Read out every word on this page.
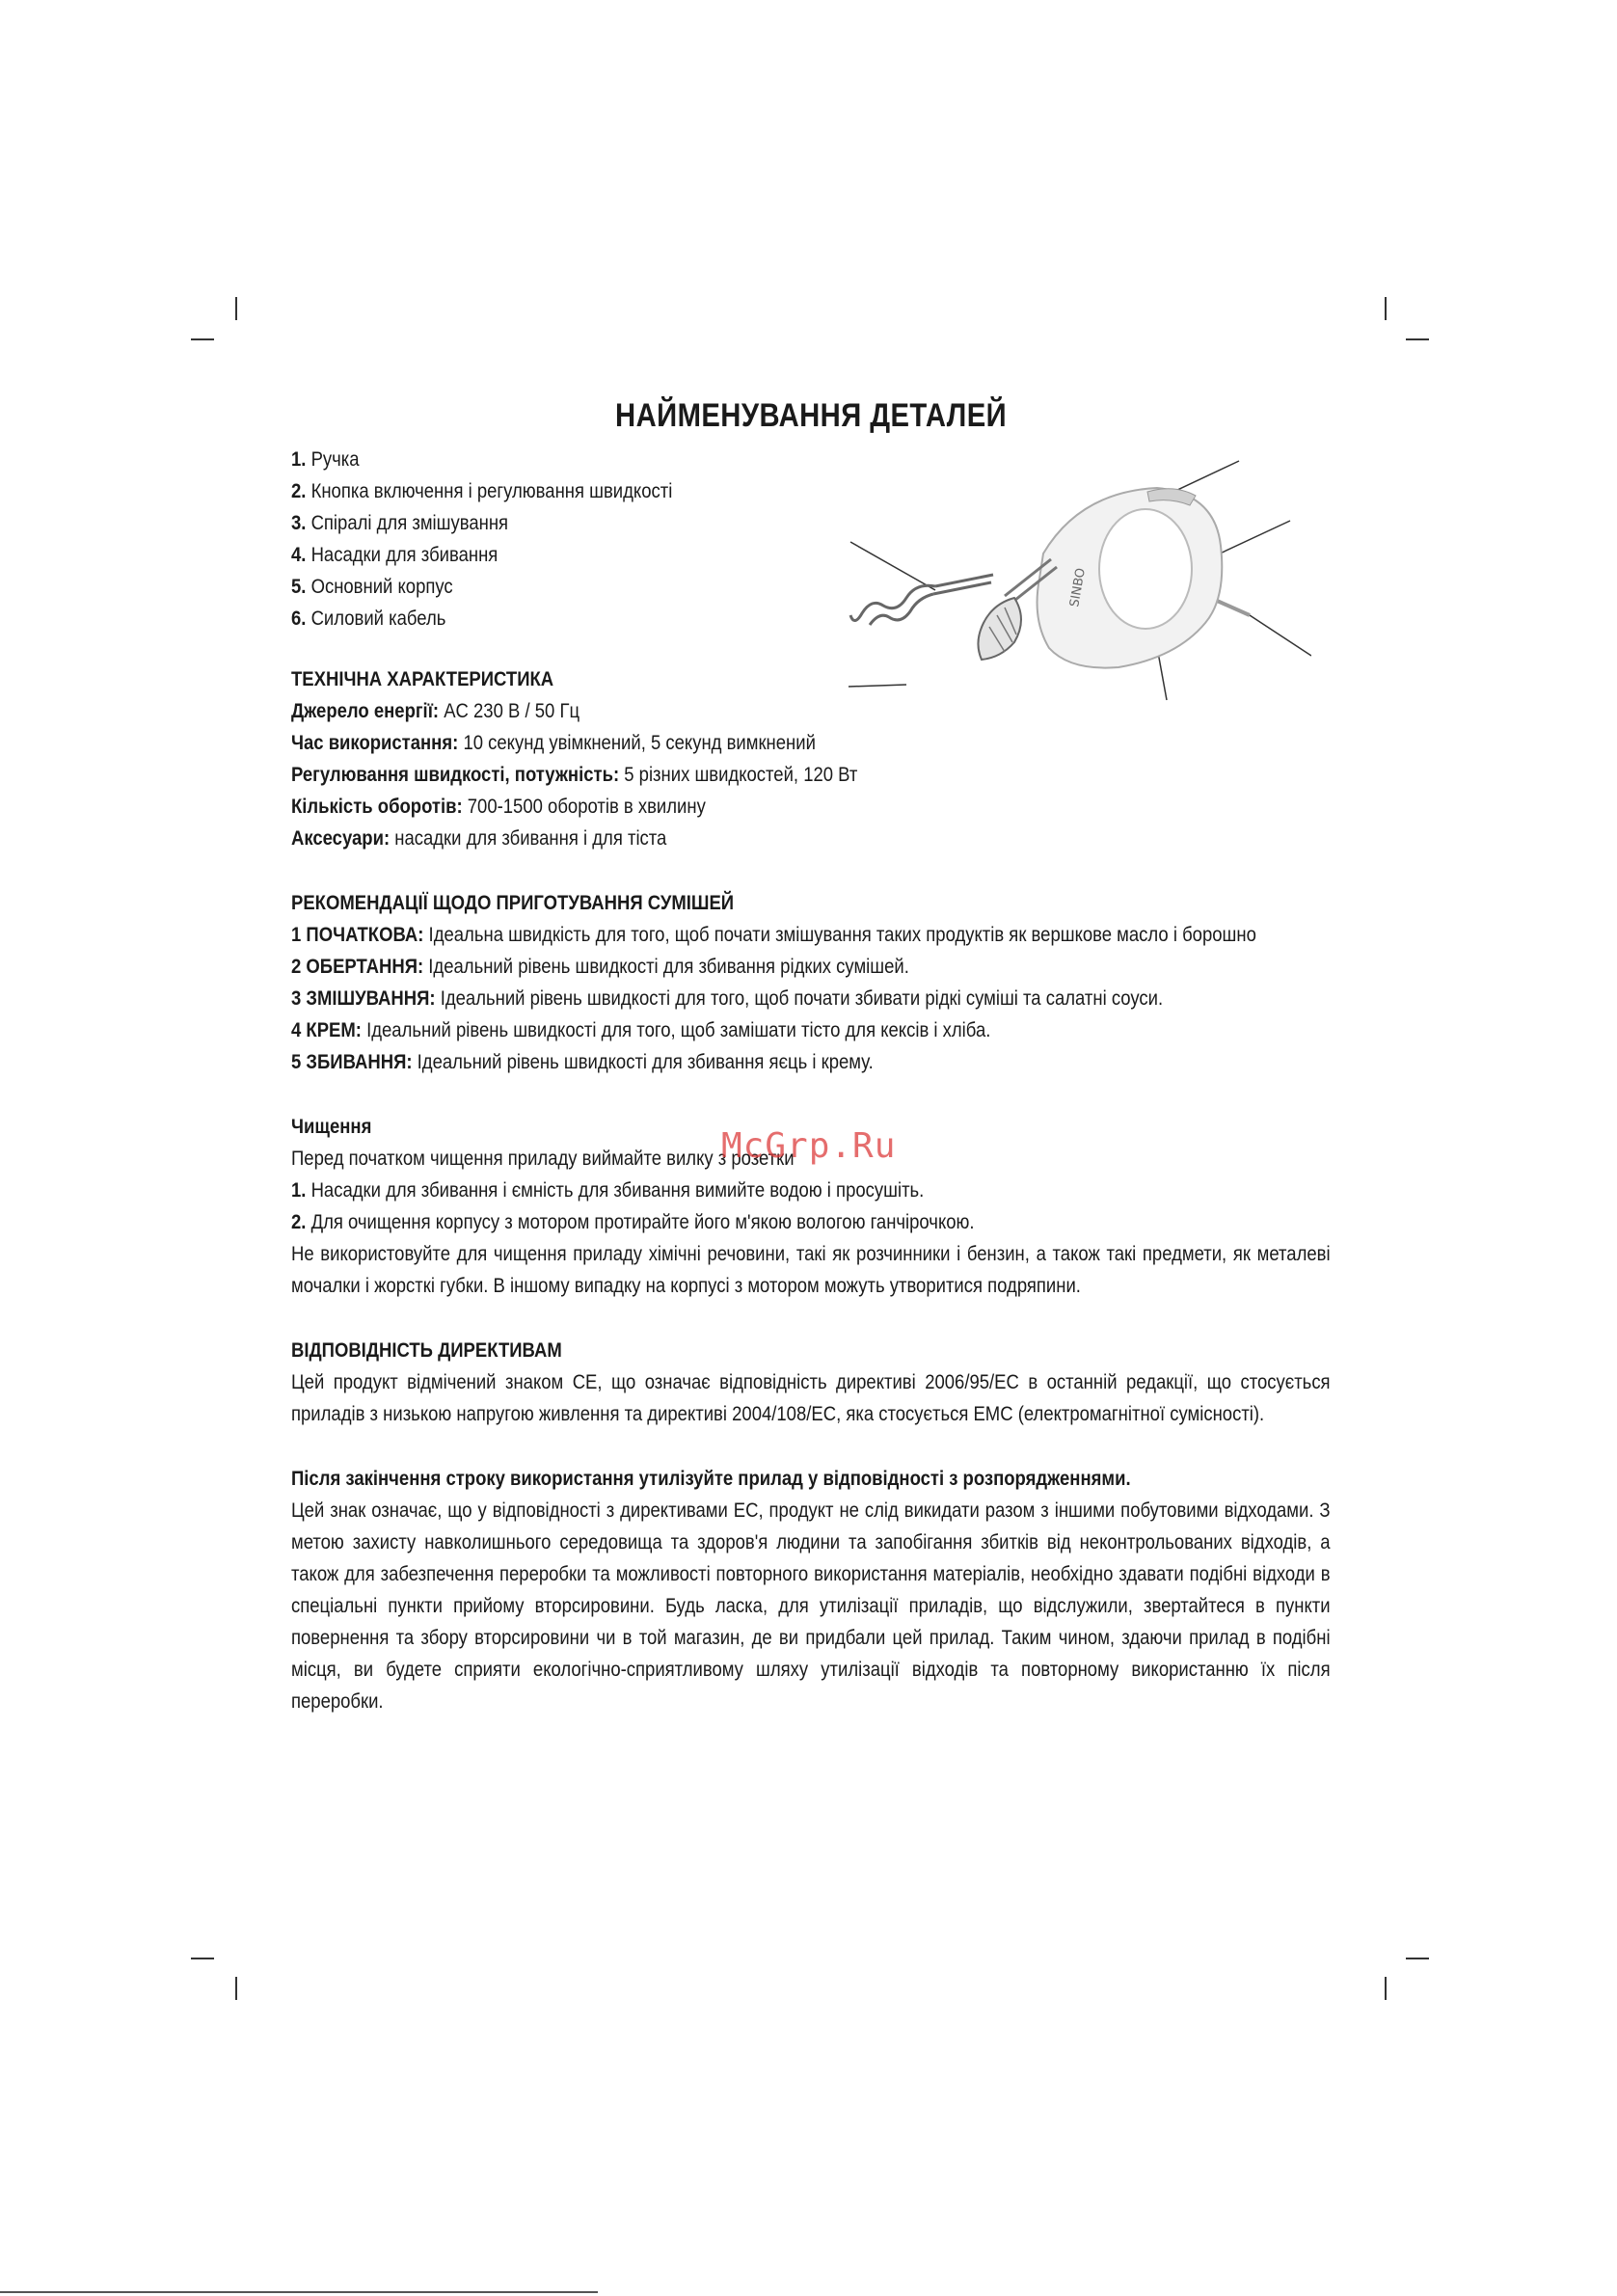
НАЙМЕНУВАННЯ ДЕТАЛЕЙ
SINBO
1. Ручка
2. Кнопка включення і регулювання швидкості
3. Спіралі для змішування
4. Насадки для збивання
5. Основний корпус
6. Силовий кабель
ТЕХНІЧНА ХАРАКТЕРИСТИКА
Джерело енергії: AC 230 В / 50 Гц
Час використання: 10 секунд увімкнений, 5 секунд вимкнений
Регулювання швидкості, потужність: 5 різних швидкостей, 120 Вт
Кількість оборотів: 700-1500 оборотів в хвилину
Аксесуари: насадки для збивання і для тіста
РЕКОМЕНДАЦІЇ ЩОДО ПРИГОТУВАННЯ СУМІШЕЙ
1 ПОЧАТКОВА: Ідеальна швидкість для того, щоб почати змішування таких продуктів як вершкове масло і борошно
2 ОБЕРТАННЯ: Ідеальний рівень швидкості для збивання рідких сумішей.
3 ЗМІШУВАННЯ: Ідеальний рівень швидкості для того, щоб почати збивати рідкі суміші та салатні соуси.
4 КРЕМ: Ідеальний рівень швидкості для того, щоб замішати тісто для кексів і хліба.
5 ЗБИВАННЯ: Ідеальний рівень швидкості для збивання яєць і крему.
Чищення
Перед початком чищення приладу виймайте вилку з розетки
1. Насадки для збивання і ємність для збивання вимийте водою і просушіть.
2. Для очищення корпусу з мотором протирайте його м'якою вологою ганчірочкою.
Не використовуйте для чищення приладу хімічні речовини, такі як розчинники і бензин, а також такі предмети, як металеві мочалки і жорсткі губки. В іншому випадку на корпусі з мотором можуть утворитися подряпини.
ВІДПОВІДНІСТЬ ДИРЕКТИВАМ
Цей продукт відмічений знаком СЕ, що означає відповідність директиві 2006/95/ЕС в останній редакції, що стосується приладів з низькою напругою живлення та директиві 2004/108/ЕС, яка стосується ЕМС (електромагнітної сумісності).
Після закінчення строку використання утилізуйте прилад у відповідності з розпорядженнями.
Цей знак означає, що у відповідності з директивами ЕС, продукт не слід викидати разом з іншими побутовими відходами. З метою захисту навколишнього середовища та здоров'я людини та запобігання збитків від неконтрольованих відходів, а також для забезпечення переробки та можливості повторного використання матеріалів, необхідно здавати подібні відходи в спеціальні пункти прийому вторсировини. Будь ласка, для утилізації приладів, що відслужили, звертайтеся в пункти повернення та збору вторсировини чи в той магазин, де ви придбали цей прилад. Таким чином, здаючи прилад в подібні місця, ви будете сприяти екологічно-сприятливому шляху утилізації відходів та повторному використанню їх після переробки.
McGrp.Ru
